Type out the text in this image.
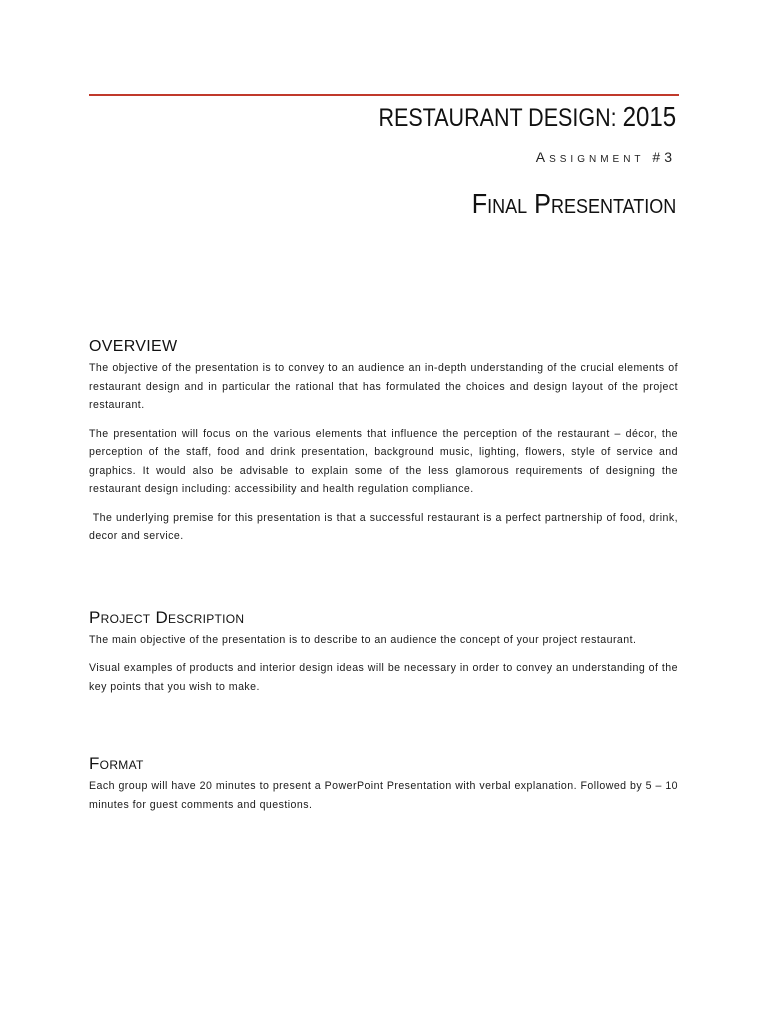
RESTAURANT DESIGN: 2015
Assignment #3
Final Presentation
OVERVIEW

The objective of the presentation is to convey to an audience an in-depth understanding of the crucial elements of restaurant design and in particular the rational that has formulated the choices and design layout of the project restaurant.

The presentation will focus on the various elements that influence the perception of the restaurant – décor, the perception of the staff, food and drink presentation, background music, lighting, flowers, style of service and graphics. It would also be advisable to explain some of the less glamorous requirements of designing the restaurant design including: accessibility and health regulation compliance.

The underlying premise for this presentation is that a successful restaurant is a perfect partnership of food, drink, decor and service.

Project Description

The main objective of the presentation is to describe to an audience the concept of your project restaurant.

Visual examples of products and interior design ideas will be necessary in order to convey an understanding of the key points that you wish to make.

Format

Each group will have 20 minutes to present a PowerPoint Presentation with verbal explanation. Followed by 5 – 10 minutes for guest comments and questions.
